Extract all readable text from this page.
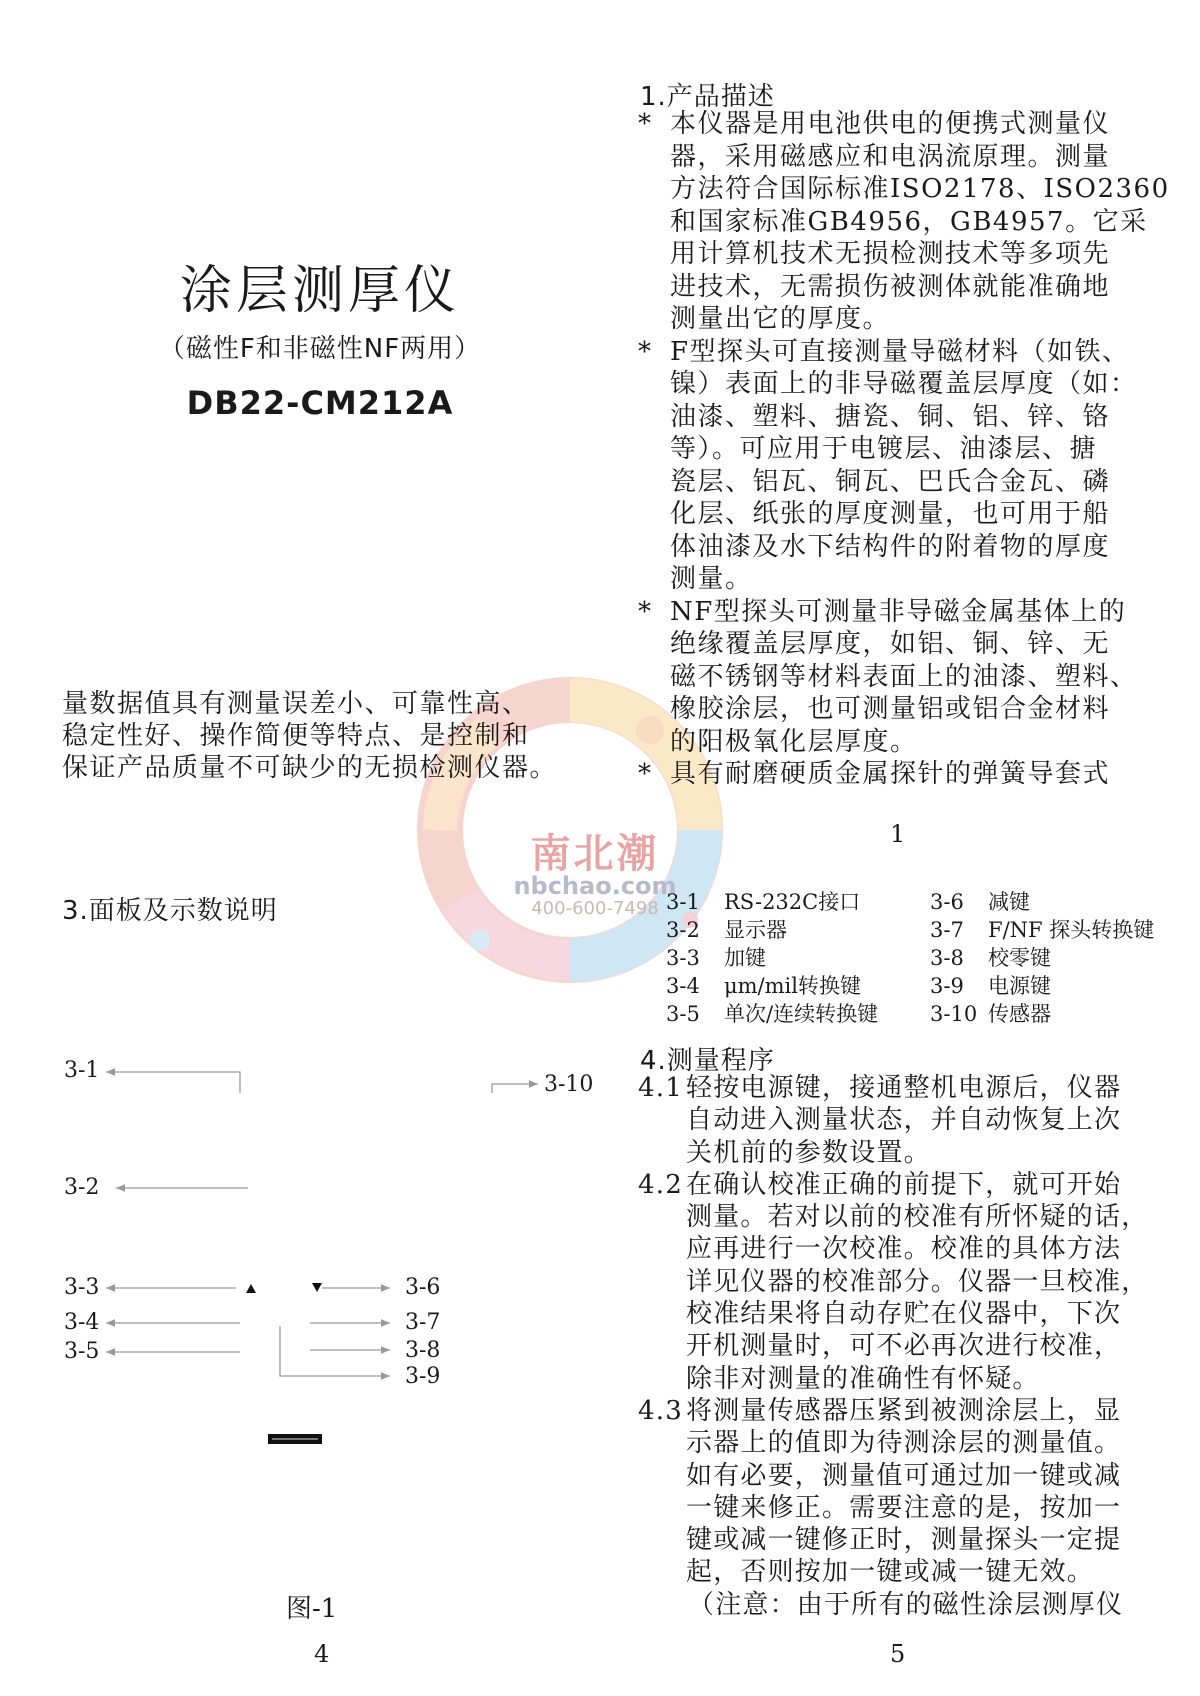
南北潮
nbchao.com
400-600-7498
涂层测厚仪
（磁性F和非磁性NF两用）
DB22-CM212A

量数据值具有测量误差小、可靠性高、

稳定性好、操作简便等特点、是控制和

保证产品质量不可缺少的无损检测仪器。

3.面板及示数说明
3-1
3-2
3-3
3-4
3-5
3-10
3-6
3-7
3-8
3-9
图-1
1.产品描述
* 本仪器是用电池供电的便携式测量仪
器，采用磁感应和电涡流原理。测量
方法符合国际标准ISO2178、ISO2360
和国家标准GB4956，GB4957。它采
用计算机技术无损检测技术等多项先
进技术，无需损伤被测体就能准确地
测量出它的厚度。
* F型探头可直接测量导磁材料（如铁、
镍）表面上的非导磁覆盖层厚度（如：
油漆、塑料、搪瓷、铜、铝、锌、铬
等）。可应用于电镀层、油漆层、搪
瓷层、铝瓦、铜瓦、巴氏合金瓦、磷
化层、纸张的厚度测量，也可用于船
体油漆及水下结构件的附着物的厚度
测量。
* NF型探头可测量非导磁金属基体上的
绝缘覆盖层厚度，如铝、铜、锌、无
磁不锈钢等材料表面上的油漆、塑料、
橡胶涂层，也可测量铝或铝合金材料
的阳极氧化层厚度。
* 具有耐磨硬质金属探针的弹簧导套式
1
3-1 RS-232C接口
3-2 显示器
3-3 加键
3-4 μm/mil转换键
3-5 单次/连续转换键
3-6 减键
3-7 F/NF 探头转换键
3-8 校零键
3-9 电源键
3-10 传感器
4.测量程序
4.1 轻按电源键，接通整机电源后，仪器
自动进入测量状态，并自动恢复上次
关机前的参数设置。
4.2 在确认校准正确的前提下，就可开始
测量。若对以前的校准有所怀疑的话，
应再进行一次校准。校准的具体方法
详见仪器的校准部分。仪器一旦校准，
校准结果将自动存贮在仪器中，下次
开机测量时，可不必再次进行校准，
除非对测量的准确性有怀疑。
4.3 将测量传感器压紧到被测涂层上，显
示器上的值即为待测涂层的测量值。
如有必要，测量值可通过加一键或减
一键来修正。需要注意的是，按加一
键或减一键修正时，测量探头一定提
起，否则按加一键或减一键无效。
（注意：由于所有的磁性涂层测厚仪
4	5
